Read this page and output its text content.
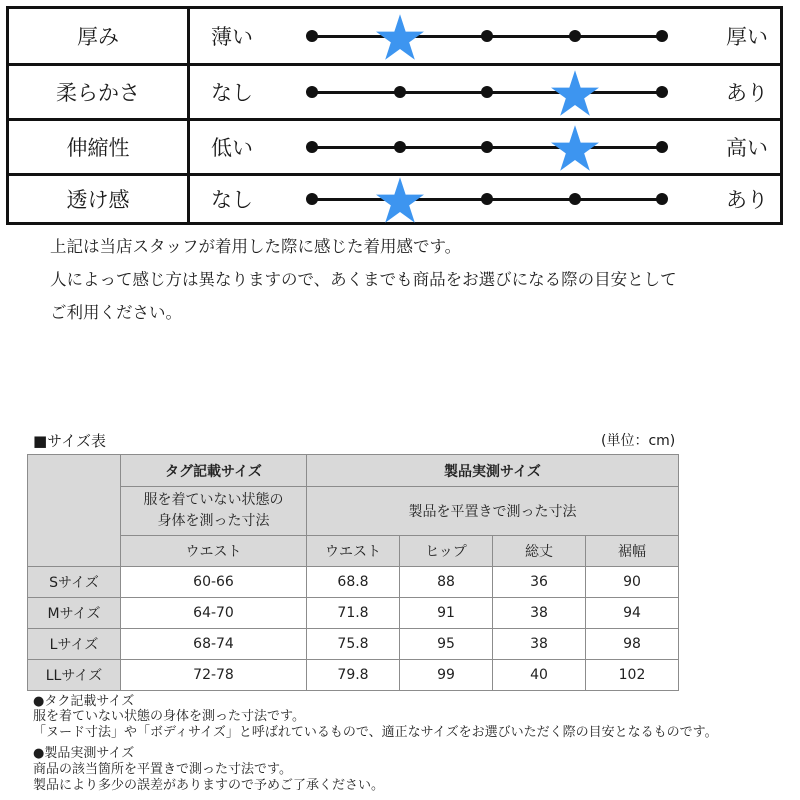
厚み	薄い	厚い
柔らかさ	なし	あり
伸縮性	低い	高い
透け感	なし	あり
上記は当店スタッフが着用した際に感じた着用感です。
人によって感じ方は異なりますので、あくまでも商品をお選びになる際の目安として
ご利用ください。
■サイズ表	(単位：cm)
	タグ記載サイズ	製品実測サイズ			

	服を着ていない状態の
身体を測った寸法	製品を平置きで測った寸法			
	ウエスト	ウエスト	ヒップ	総丈	裾幅
Sサイズ	60-66	68.8	88	36	90
Mサイズ	64-70	71.8	91	38	94
Lサイズ	68-74	75.8	95	38	98
LLサイズ	72-78	79.8	99	40	102
●タク記載サイズ
服を着ていない状態の身体を測った寸法です。
「ヌード寸法」や「ボディサイズ」と呼ばれているもので、適正なサイズをお選びいただく際の目安となるものです。
●製品実測サイズ
商品の該当箇所を平置きで測った寸法です。
製品により多少の誤差がありますので予めご了承ください。
